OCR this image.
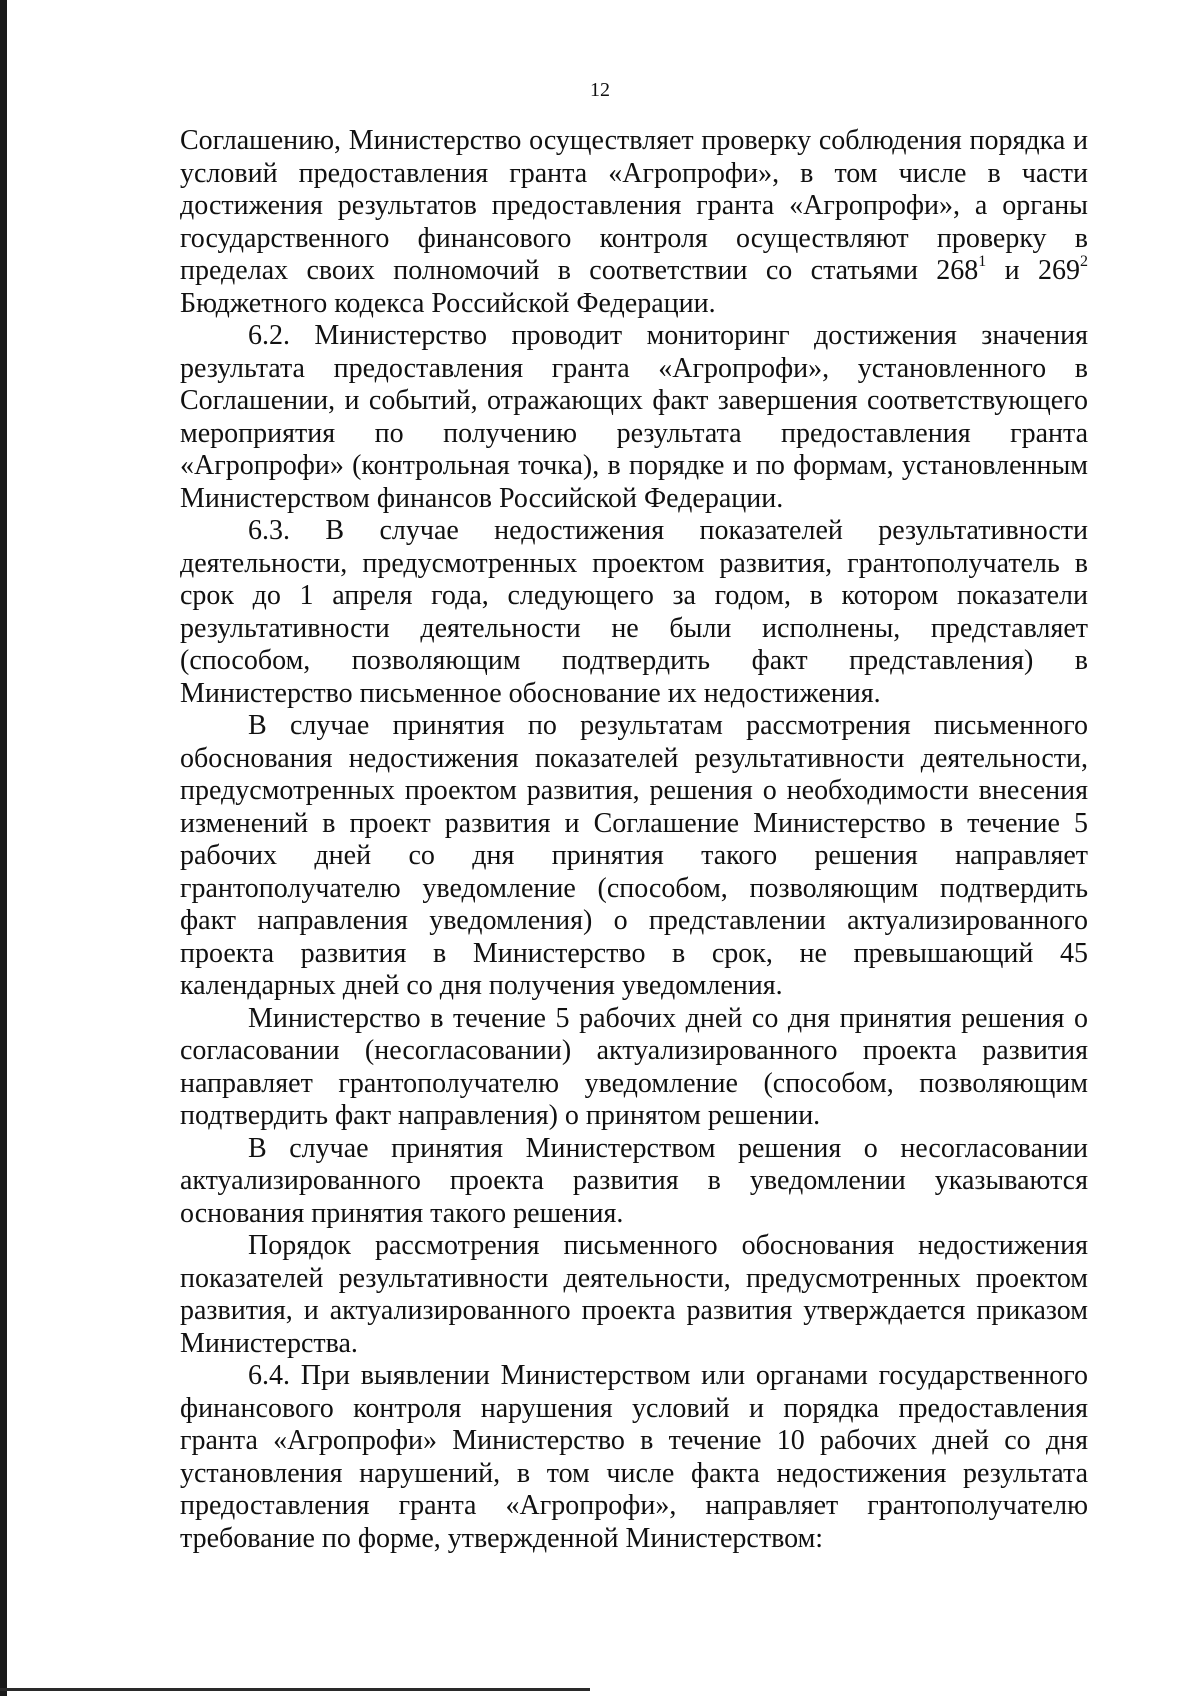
12

Соглашению, Министерство осуществляет проверку соблюдения порядка и условий предоставления гранта «Агропрофи», в том числе в части достижения результатов предоставления гранта «Агропрофи», а органы государственного финансового контроля осуществляют проверку в пределах своих полномочий в соответствии со статьями $268^1$ и $269^2$ Бюджетного кодекса Российской Федерации.

6.2. Министерство проводит мониторинг достижения значения результата предоставления гранта «Агропрофи», установленного в Соглашении, и событий, отражающих факт завершения соответствующего мероприятия по получению результата предоставления гранта «Агропрофи» (контрольная точка), в порядке и по формам, установленным Министерством финансов Российской Федерации.

6.3. В случае недостижения показателей результативности деятельности, предусмотренных проектом развития, грантополучатель в срок до 1 апреля года, следующего за годом, в котором показатели результативности деятельности не были исполнены, представляет (способом, позволяющим подтвердить факт представления) в Министерство письменное обоснование их недостижения.

В случае принятия по результатам рассмотрения письменного обоснования недостижения показателей результативности деятельности, предусмотренных проектом развития, решения о необходимости внесения изменений в проект развития и Соглашение Министерство в течение 5 рабочих дней со дня принятия такого решения направляет грантополучателю уведомление (способом, позволяющим подтвердить факт направления уведомления) о представлении актуализированного проекта развития в Министерство в срок, не превышающий 45 календарных дней со дня получения уведомления.

Министерство в течение 5 рабочих дней со дня принятия решения о согласовании (несогласовании) актуализированного проекта развития направляет грантополучателю уведомление (способом, позволяющим подтвердить факт направления) о принятом решении.

В случае принятия Министерством решения о несогласовании актуализированного проекта развития в уведомлении указываются основания принятия такого решения.

Порядок рассмотрения письменного обоснования недостижения показателей результативности деятельности, предусмотренных проектом развития, и актуализированного проекта развития утверждается приказом Министерства.

6.4. При выявлении Министерством или органами государственного финансового контроля нарушения условий и порядка предоставления гранта «Агропрофи» Министерство в течение 10 рабочих дней со дня установления нарушений, в том числе факта недостижения результата предоставления гранта «Агропрофи», направляет грантополучателю требование по форме, утвержденной Министерством:
